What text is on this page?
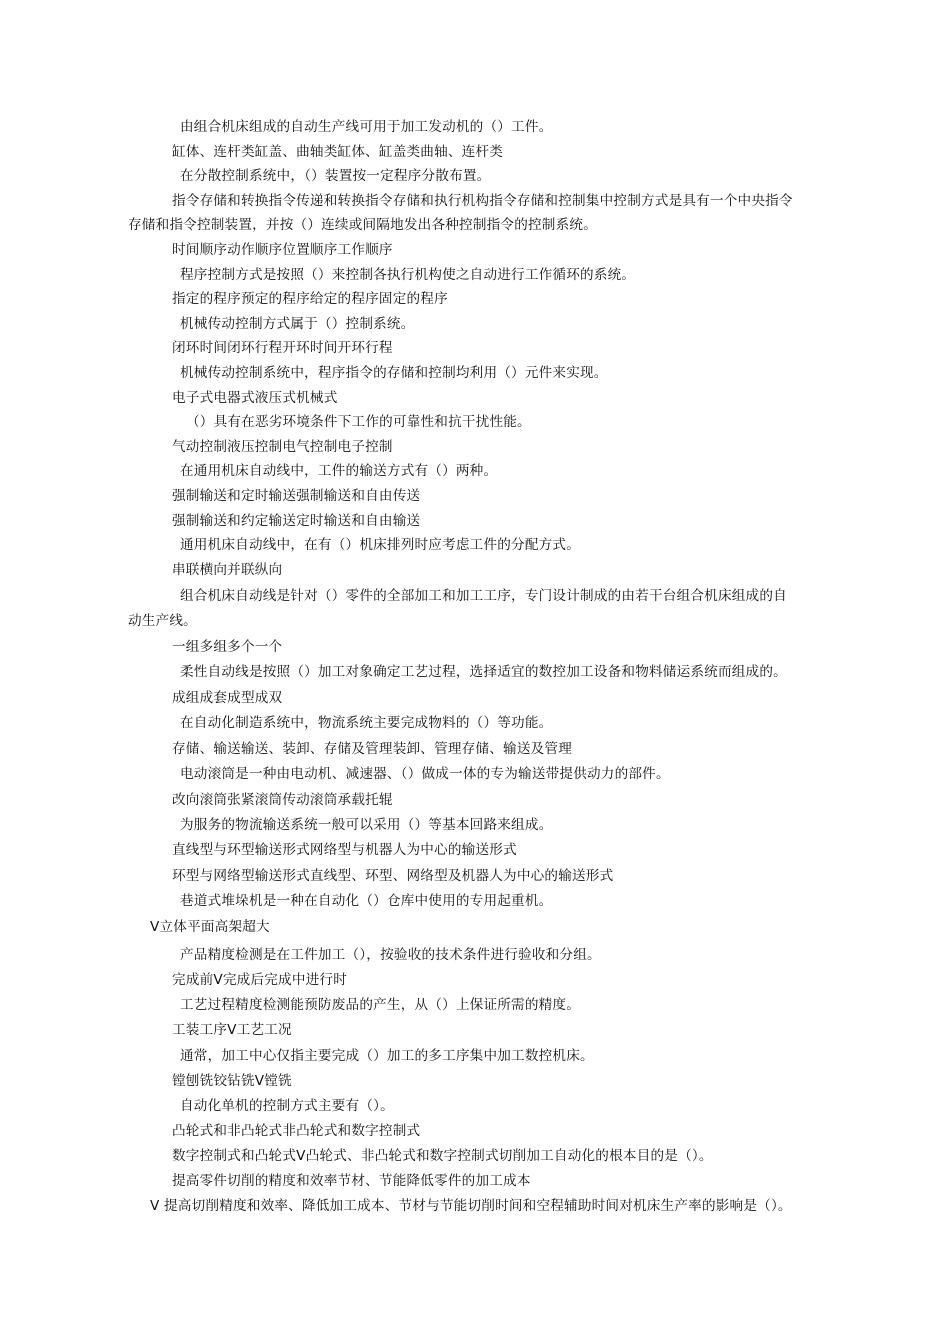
由组合机床组成的自动生产线可用于加工发动机的（）工件。
缸体、连杆类缸盖、曲轴类缸体、缸盖类曲轴、连杆类
在分散控制系统中，（）装置按一定程序分散布置。
指令存储和转换指令传递和转换指令存储和执行机构指令存储和控制集中控制方式是具有一个中央指令
存储和指令控制装置，并按（）连续或间隔地发出各种控制指令的控制系统。
时间顺序动作顺序位置顺序工作顺序
程序控制方式是按照（）来控制各执行机构使之自动进行工作循环的系统。
指定的程序预定的程序给定的程序固定的程序
机械传动控制方式属于（）控制系统。
闭环时间闭环行程开环时间开环行程
机械传动控制系统中，程序指令的存储和控制均利用（）元件来实现。
电子式电器式液压式机械式
（）具有在恶劣环境条件下工作的可靠性和抗干扰性能。
气动控制液压控制电气控制电子控制
在通用机床自动线中，工件的输送方式有（）两种。
强制输送和定时输送强制输送和自由传送
强制输送和约定输送定时输送和自由输送
通用机床自动线中，在有（）机床排列时应考虑工件的分配方式。
串联横向并联纵向
组合机床自动线是针对（）零件的全部加工和加工工序，专门设计制成的由若干台组合机床组成的自
动生产线。
一组多组多个一个
柔性自动线是按照（）加工对象确定工艺过程，选择适宜的数控加工设备和物料储运系统而组成的。
成组成套成型成双
在自动化制造系统中，物流系统主要完成物料的（）等功能。
存储、输送输送、装卸、存储及管理装卸、管理存储、输送及管理
电动滚筒是一种由电动机、减速器、（）做成一体的专为输送带提供动力的部件。
改向滚筒张紧滚筒传动滚筒承载托辊
为服务的物流输送系统一般可以采用（）等基本回路来组成。
直线型与环型输送形式网络型与机器人为中心的输送形式
环型与网络型输送形式直线型、环型、网络型及机器人为中心的输送形式
巷道式堆垛机是一种在自动化（）仓库中使用的专用起重机。
V立体平面高架超大
产品精度检测是在工件加工（），按验收的技术条件进行验收和分组。
完成前V完成后完成中进行时
工艺过程精度检测能预防废品的产生，从（）上保证所需的精度。
工装工序V工艺工况
通常，加工中心仅指主要完成（）加工的多工序集中加工数控机床。
镗刨铣铰钻铣V镗铣
自动化单机的控制方式主要有（）。
凸轮式和非凸轮式非凸轮式和数字控制式
数字控制式和凸轮式V凸轮式、非凸轮式和数字控制式切削加工自动化的根本目的是（）。
提高零件切削的精度和效率节材、节能降低零件的加工成本
V 提高切削精度和效率、降低加工成本、节材与节能切削时间和空程辅助时间对机床生产率的影响是（）。
